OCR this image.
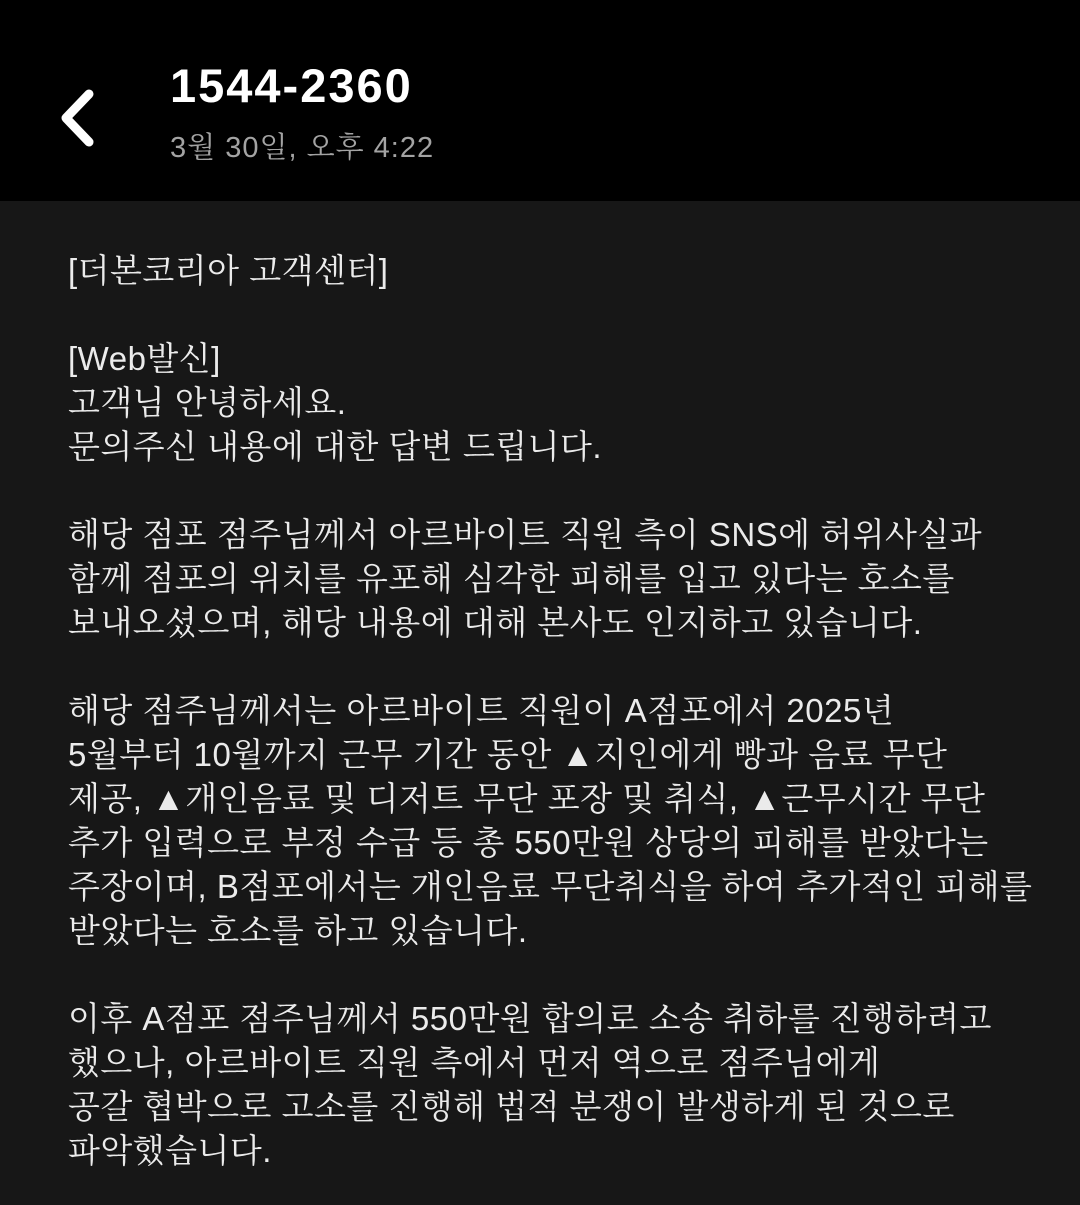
1544-2360
3월 30일, 오후 4:22
[더본코리아 고객센터]
[Web발신]
고객님 안녕하세요.
문의주신 내용에 대한 답변 드립니다.
해당 점포 점주님께서 아르바이트 직원 측이 SNS에 허위사실과
함께 점포의 위치를 유포해 심각한 피해를 입고 있다는 호소를
보내오셨으며, 해당 내용에 대해 본사도 인지하고 있습니다.
해당 점주님께서는 아르바이트 직원이 A점포에서 2025년
5월부터 10월까지 근무 기간 동안 ▲지인에게 빵과 음료 무단
제공, ▲개인음료 및 디저트 무단 포장 및 취식, ▲근무시간 무단
추가 입력으로 부정 수급 등 총 550만원 상당의 피해를 받았다는
주장이며, B점포에서는 개인음료 무단취식을 하여 추가적인 피해를
받았다는 호소를 하고 있습니다.
이후 A점포 점주님께서 550만원 합의로 소송 취하를 진행하려고
했으나, 아르바이트 직원 측에서 먼저 역으로 점주님에게
공갈 협박으로 고소를 진행해 법적 분쟁이 발생하게 된 것으로
파악했습니다.
